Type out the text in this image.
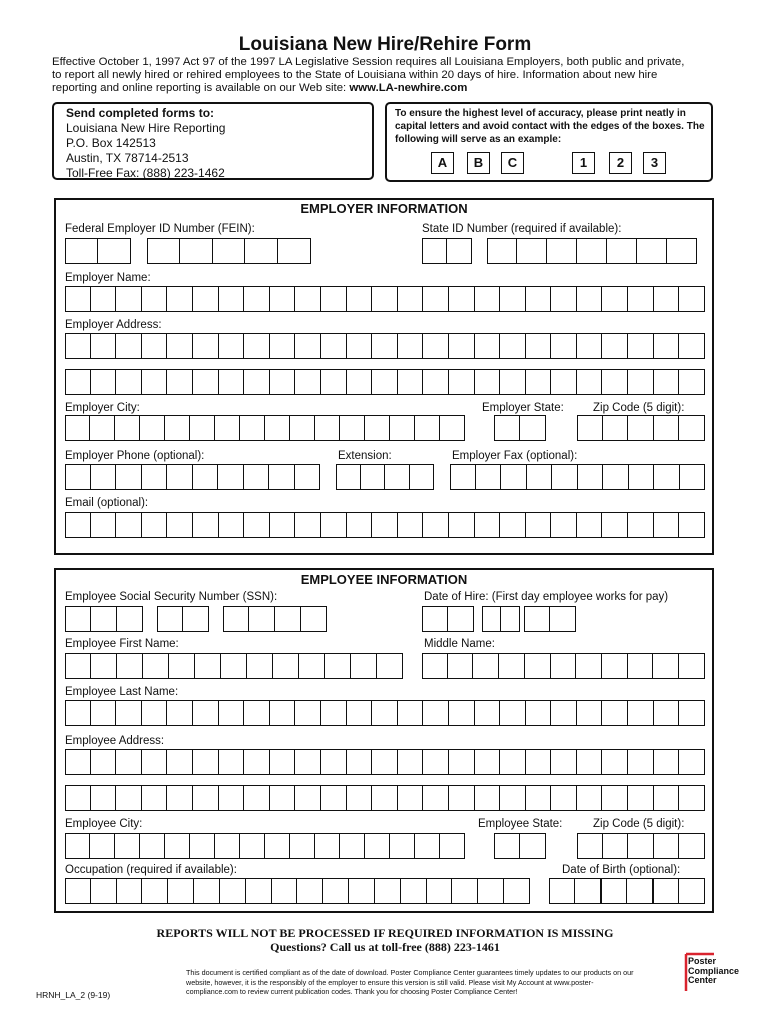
Louisiana New Hire/Rehire Form
Effective October 1, 1997 Act 97 of the 1997 LA Legislative Session requires all Louisiana Employers, both public and private,
to report all newly hired or rehired employees to the State of Louisiana within 20 days of hire. Information about new hire
reporting and online reporting is available on our Web site: www.LA-newhire.com
Send completed forms to:
Louisiana New Hire Reporting
P.O. Box 142513
Austin, TX 78714-2513
Toll-Free Fax: (888) 223-1462
To ensure the highest level of accuracy, please print neatly in capital letters and avoid contact with the edges of the boxes. The following will serve as an example:
A	B	C	1	2	3
EMPLOYER INFORMATION
Federal Employer ID Number (FEIN):	State ID Number (required if available):
Employer Name:
Employer Address:
Employer City:	Employer State:	Zip Code (5 digit):
Employer Phone (optional):	Extension:	Employer Fax (optional):
Email (optional):
EMPLOYEE INFORMATION
Employee Social Security Number (SSN):	Date of Hire: (First day employee works for pay)
Employee First Name:	Middle Name:
Employee Last Name:
Employee Address:
Employee City:	Employee State:	Zip Code (5 digit):
Occupation (required if available):	Date of Birth (optional):
REPORTS WILL NOT BE PROCESSED IF REQUIRED INFORMATION IS MISSING
Questions? Call us at toll-free (888) 223-1461
HRNH_LA_2 (9-19)
This document is certified compliant as of the date of download. Poster Compliance Center guarantees timely updates to our products on our website, however, it is the responsibly of the employer to ensure this version is still valid. Please visit My Account at www.poster-compliance.com to review current publication codes. Thank you for choosing Poster Compliance Center!
Poster
Compliance
Center
